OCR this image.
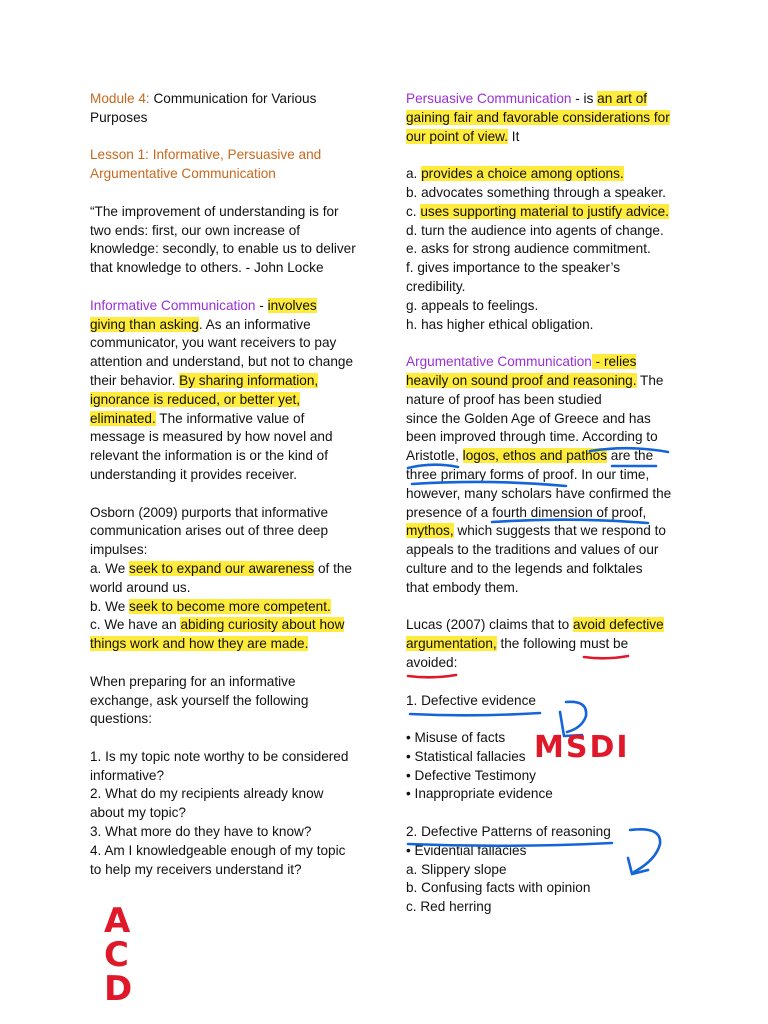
Module 4: Communication for Various
Purposes
Lesson 1: Informative, Persuasive and
Argumentative Communication
“The improvement of understanding is for
two ends: first, our own increase of
knowledge: secondly, to enable us to deliver
that knowledge to others. - John Locke
Informative Communication - involves
giving than asking. As an informative
communicator, you want receivers to pay
attention and understand, but not to change
their behavior. By sharing information,
ignorance is reduced, or better yet,
eliminated. The informative value of
message is measured by how novel and
relevant the information is or the kind of
understanding it provides receiver.
Osborn (2009) purports that informative
communication arises out of three deep
impulses:
a. We seek to expand our awareness of the
world around us.
b. We seek to become more competent.
c. We have an abiding curiosity about how
things work and how they are made.
When preparing for an informative
exchange, ask yourself the following
questions:
1. Is my topic note worthy to be considered
informative?
2. What do my recipients already know
about my topic?
3. What more do they have to know?
4. Am I knowledgeable enough of my topic
to help my receivers understand it?
Persuasive Communication - is an art of
gaining fair and favorable considerations for
our point of view. It
a. provides a choice among options.
b. advocates something through a speaker.
c. uses supporting material to justify advice.
d. turn the audience into agents of change.
e. asks for strong audience commitment.
f. gives importance to the speaker’s
credibility.
g. appeals to feelings.
h. has higher ethical obligation.
Argumentative Communication - relies
heavily on sound proof and reasoning. The
nature of proof has been studied
since the Golden Age of Greece and has
been improved through time. According to
Aristotle, logos, ethos and pathos are the
three primary forms of proof. In our time,
however, many scholars have confirmed the
presence of a fourth dimension of proof,
mythos, which suggests that we respond to
appeals to the traditions and values of our
culture and to the legends and folktales
that embody them.
Lucas (2007) claims that to avoid defective
argumentation, the following must be
avoided:
1. Defective evidence
• Misuse of facts
• Statistical fallacies
• Defective Testimony
• Inappropriate evidence
2. Defective Patterns of reasoning
• Evidential fallacies
a. Slippery slope
b. Confusing facts with opinion
c. Red herring
A
C
D
MSDI
